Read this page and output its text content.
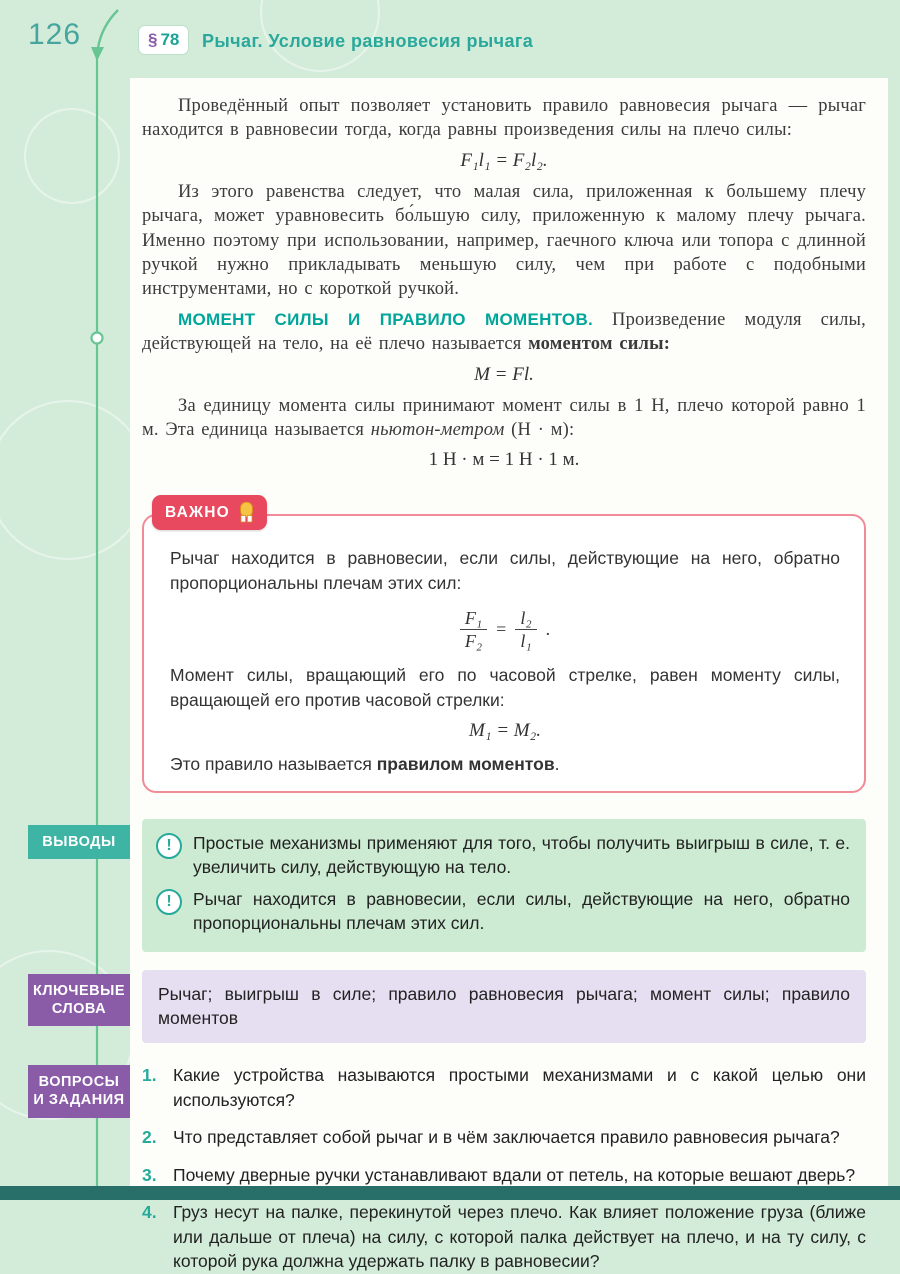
126	§ 78	Рычаг. Условие равновесия рычага

Проведённый опыт позволяет установить правило равновесия рычага — рычаг находится в равновесии тогда, когда равны произведения силы на плечо силы:

F₁l₁ = F₂l₂.

Из этого равенства следует, что малая сила, приложенная к большему плечу рычага, может уравновесить бо́льшую силу, приложенную к малому плечу рычага. Именно поэтому при использовании, например, гаечного ключа или топора с длинной ручкой нужно прикладывать меньшую силу, чем при работе с подобными инструментами, но с короткой ручкой.

МОМЕНТ СИЛЫ И ПРАВИЛО МОМЕНТОВ. Произведение модуля силы, действующей на тело, на её плечо называется моментом силы:

M = Fl.

За единицу момента силы принимают момент силы в 1 Н, плечо которой равно 1 м. Эта единица называется ньютон-метром (Н · м):

1 Н · м = 1 Н · 1 м.
ВАЖНО

Рычаг находится в равновесии, если силы, действующие на него, обратно пропорциональны плечам этих сил:

$\frac{\text{F₁}}{\text{F₂}} = \frac{\text{l₂}}{\text{l₁}}$ .

Момент силы, вращающий его по часовой стрелке, равен моменту силы, вращающей его против часовой стрелки:

M₁ = M₂.

Это правило называется правилом моментов.

ВЫВОДЫ	!	Простые механизмы применяют для того, чтобы получить выигрыш в силе, т. е. увеличить силу, действующую на тело.
!	Рычаг находится в равновесии, если силы, действующие на него, обратно пропорциональны плечам этих сил.
КЛЮЧЕВЫЕ
СЛОВА
Рычаг; выигрыш в силе; правило равновесия рычага; момент силы; правило моментов
ВОПРОСЫ
И ЗАДАНИЯ
1. Какие устройства называются простыми механизмами и с какой целью они используются?
2. Что представляет собой рычаг и в чём заключается правило равновесия рычага?
3. Почему дверные ручки устанавливают вдали от петель, на которые вешают дверь?
4. Груз несут на палке, перекинутой через плечо. Как влияет положение груза (ближе или дальше от плеча) на силу, с которой палка действует на плечо, и на ту силу, с которой рука должна удержать палку в равновесии?
